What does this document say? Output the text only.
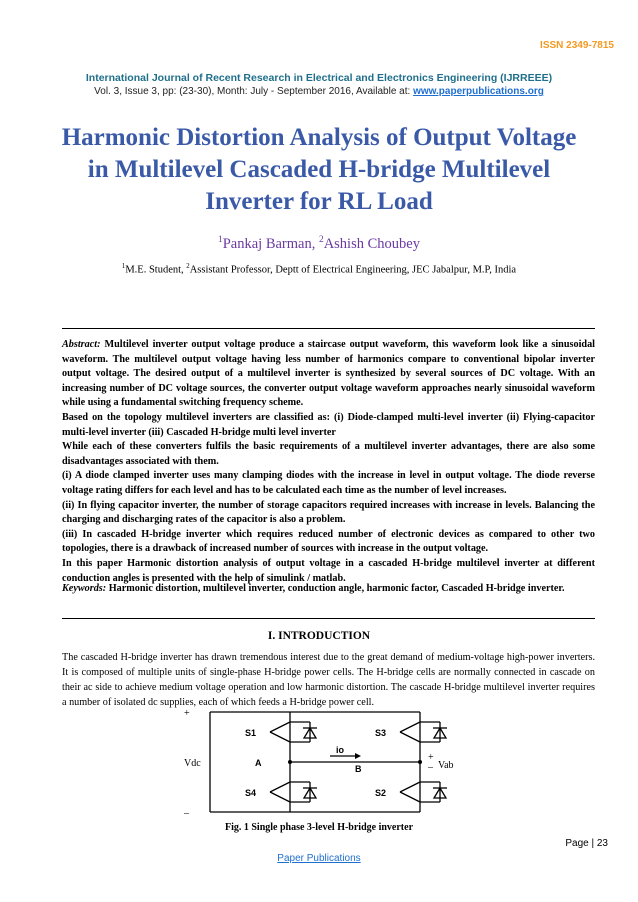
ISSN 2349-7815
International Journal of Recent Research in Electrical and Electronics Engineering (IJRREEE)
Vol. 3, Issue 3, pp: (23-30), Month: July - September 2016, Available at: www.paperpublications.org
Harmonic Distortion Analysis of Output Voltage in Multilevel Cascaded H-bridge Multilevel Inverter for RL Load
$^1$Pankaj Barman, $^2$Ashish Choubey
$^1$M.E. Student, $^2$Assistant Professor, Deptt of Electrical Engineering, JEC Jabalpur, M.P, India

Abstract: Multilevel inverter output voltage produce a staircase output waveform, this waveform look like a sinusoidal waveform. The multilevel output voltage having less number of harmonics compare to conventional bipolar inverter output voltage. The desired output of a multilevel inverter is synthesized by several sources of DC voltage. With an increasing number of DC voltage sources, the converter output voltage waveform approaches nearly sinusoidal waveform while using a fundamental switching frequency scheme.

Based on the topology multilevel inverters are classified as: (i) Diode-clamped multi-level inverter (ii) Flying-capacitor multi-level inverter (iii) Cascaded H-bridge multi level inverter

While each of these converters fulfils the basic requirements of a multilevel inverter advantages, there are also some disadvantages associated with them.

(i) A diode clamped inverter uses many clamping diodes with the increase in level in output voltage. The diode reverse voltage rating differs for each level and has to be calculated each time as the number of level increases.

(ii) In flying capacitor inverter, the number of storage capacitors required increases with increase in levels. Balancing the charging and discharging rates of the capacitor is also a problem.

(iii) In cascaded H-bridge inverter which requires reduced number of electronic devices as compared to other two topologies, there is a drawback of increased number of sources with increase in the output voltage.

In this paper Harmonic distortion analysis of output voltage in a cascaded H-bridge multilevel inverter at different conduction angles is presented with the help of simulink / matlab.

Keywords: Harmonic distortion, multilevel inverter, conduction angle, harmonic factor, Cascaded H-bridge inverter.
I. INTRODUCTION
The cascaded H-bridge inverter has drawn tremendous interest due to the great demand of medium-voltage high-power inverters. It is composed of multiple units of single-phase H-bridge power cells. The H-bridge cells are normally connected in cascade on their ac side to achieve medium voltage operation and low harmonic distortion. The cascade H-bridge multilevel inverter requires a number of isolated dc supplies, each of which feeds a H-bridge power cell.
S1	S3
S4	S2
A
B
io
Vdc	Vab
+
–
+
–
Fig. 1 Single phase 3-level H-bridge inverter
Page | 23
Paper Publications
